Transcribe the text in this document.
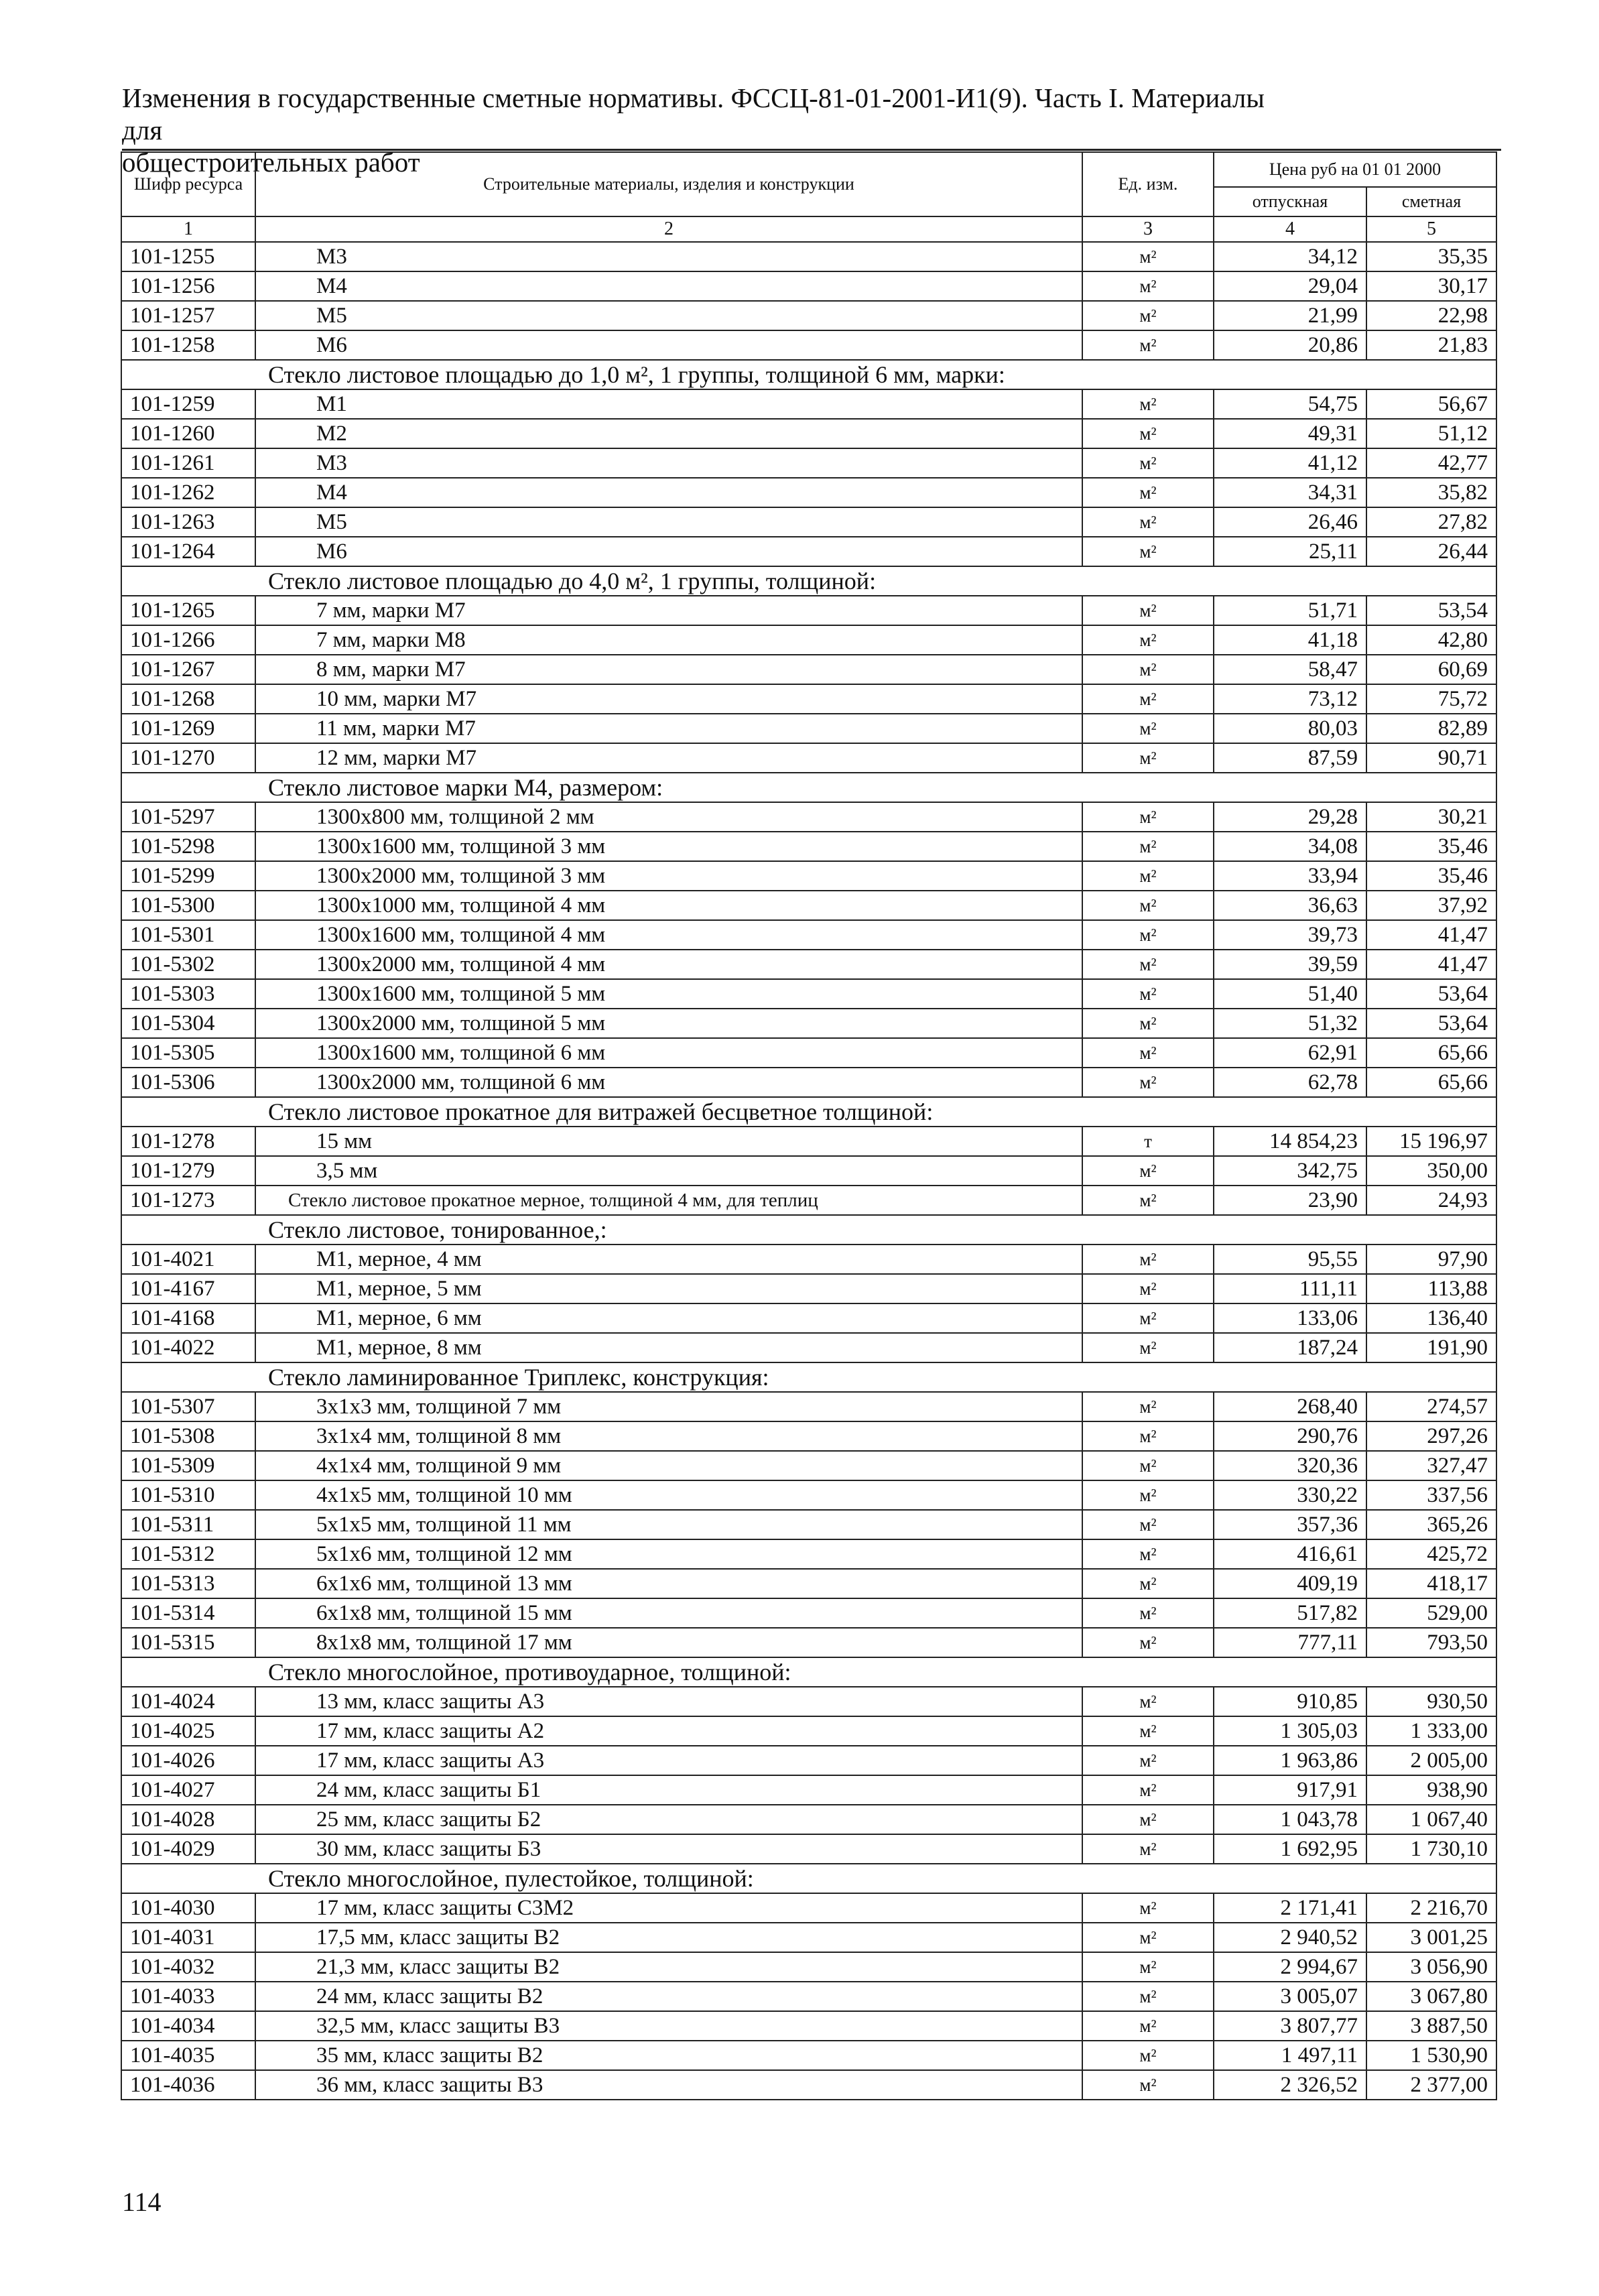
Изменения в государственные сметные нормативы. ФССЦ-81-01-2001-И1(9). Часть I. Материалы для
общестроительных работ
Шифр ресурса	Строительные материалы, изделия и конструкции	Ед. изм.	Цена руб на 01 01 2000	
			отпускная	сметная
1	2	3	4	5
101-1255	М3	м²	34,12	35,35
101-1256	М4	м²	29,04	30,17
101-1257	М5	м²	21,99	22,98
101-1258	М6	м²	20,86	21,83
Стекло листовое площадью до 1,0 м², 1 группы, толщиной 6 мм, марки:				
101-1259	М1	м²	54,75	56,67
101-1260	М2	м²	49,31	51,12
101-1261	М3	м²	41,12	42,77
101-1262	М4	м²	34,31	35,82
101-1263	М5	м²	26,46	27,82
101-1264	М6	м²	25,11	26,44
Стекло листовое площадью до 4,0 м², 1 группы, толщиной:				
101-1265	7 мм, марки М7	м²	51,71	53,54
101-1266	7 мм, марки М8	м²	41,18	42,80
101-1267	8 мм, марки М7	м²	58,47	60,69
101-1268	10 мм, марки М7	м²	73,12	75,72
101-1269	11 мм, марки М7	м²	80,03	82,89
101-1270	12 мм, марки М7	м²	87,59	90,71
Стекло листовое марки М4, размером:				
101-5297	1300x800 мм, толщиной 2 мм	м²	29,28	30,21
101-5298	1300x1600 мм, толщиной 3 мм	м²	34,08	35,46
101-5299	1300x2000 мм, толщиной 3 мм	м²	33,94	35,46
101-5300	1300x1000 мм, толщиной 4 мм	м²	36,63	37,92
101-5301	1300x1600 мм, толщиной 4 мм	м²	39,73	41,47
101-5302	1300x2000 мм, толщиной 4 мм	м²	39,59	41,47
101-5303	1300x1600 мм, толщиной 5 мм	м²	51,40	53,64
101-5304	1300x2000 мм, толщиной 5 мм	м²	51,32	53,64
101-5305	1300x1600 мм, толщиной 6 мм	м²	62,91	65,66
101-5306	1300x2000 мм, толщиной 6 мм	м²	62,78	65,66
Стекло листовое прокатное для витражей бесцветное толщиной:				
101-1278	15 мм	т	14 854,23	15 196,97
101-1279	3,5 мм	м²	342,75	350,00
101-1273	Стекло листовое прокатное мерное, толщиной 4 мм, для теплиц	м²	23,90	24,93
Стекло листовое, тонированное,:				
101-4021	М1, мерное, 4 мм	м²	95,55	97,90
101-4167	М1, мерное, 5 мм	м²	111,11	113,88
101-4168	М1, мерное, 6 мм	м²	133,06	136,40
101-4022	М1, мерное, 8 мм	м²	187,24	191,90
Стекло ламинированное Триплекс, конструкция:				
101-5307	3x1x3 мм, толщиной 7 мм	м²	268,40	274,57
101-5308	3x1x4 мм, толщиной 8 мм	м²	290,76	297,26
101-5309	4x1x4 мм, толщиной 9 мм	м²	320,36	327,47
101-5310	4x1x5 мм, толщиной 10 мм	м²	330,22	337,56
101-5311	5x1x5 мм, толщиной 11 мм	м²	357,36	365,26
101-5312	5x1x6 мм, толщиной 12 мм	м²	416,61	425,72
101-5313	6x1x6 мм, толщиной 13 мм	м²	409,19	418,17
101-5314	6x1x8 мм, толщиной 15 мм	м²	517,82	529,00
101-5315	8x1x8 мм, толщиной 17 мм	м²	777,11	793,50
Стекло многослойное, противоударное, толщиной:				
101-4024	13 мм, класс защиты А3	м²	910,85	930,50
101-4025	17 мм, класс защиты А2	м²	1 305,03	1 333,00
101-4026	17 мм, класс защиты А3	м²	1 963,86	2 005,00
101-4027	24 мм, класс защиты Б1	м²	917,91	938,90
101-4028	25 мм, класс защиты Б2	м²	1 043,78	1 067,40
101-4029	30 мм, класс защиты Б3	м²	1 692,95	1 730,10
Стекло многослойное, пулестойкое, толщиной:				
101-4030	17 мм, класс защиты С3М2	м²	2 171,41	2 216,70
101-4031	17,5 мм, класс защиты В2	м²	2 940,52	3 001,25
101-4032	21,3 мм, класс защиты В2	м²	2 994,67	3 056,90
101-4033	24 мм, класс защиты В2	м²	3 005,07	3 067,80
101-4034	32,5 мм, класс защиты В3	м²	3 807,77	3 887,50
101-4035	35 мм, класс защиты В2	м²	1 497,11	1 530,90
101-4036	36 мм, класс защиты В3	м²	2 326,52	2 377,00
114
